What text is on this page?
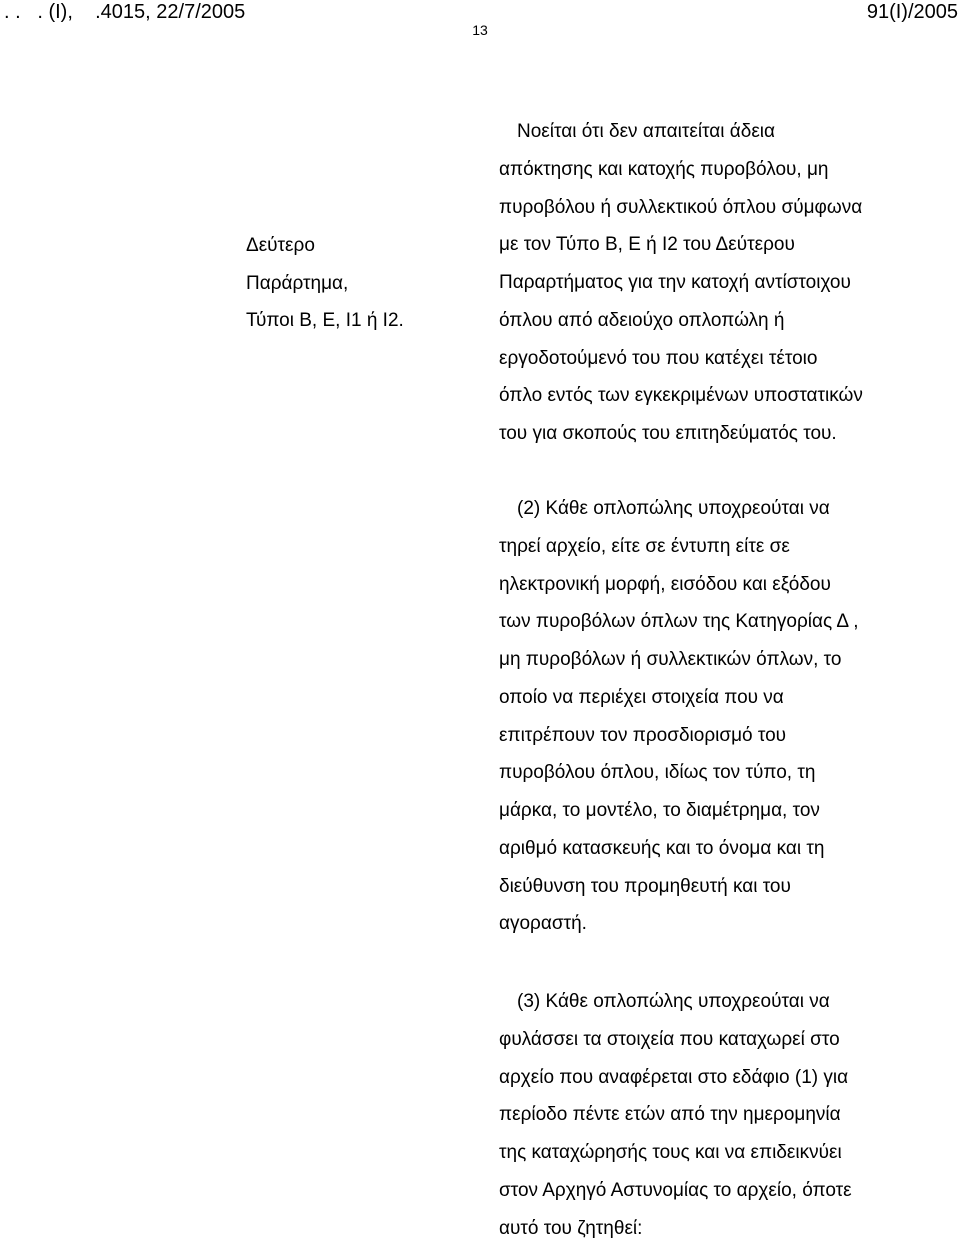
. .   . (I),    .4015, 22/7/2005	91(I)/2005
13
Δεύτερο
Παράρτημα,
Τύποι Β, Ε, Ι1 ή Ι2.
Νοείται ότι δεν απαιτείται άδεια
απόκτησης και κατοχής πυροβόλου, μη
πυροβόλου ή συλλεκτικού όπλου σύμφωνα
με τον Τύπο Β, Ε ή Ι2 του Δεύτερου
Παραρτήματος για την κατοχή αντίστοιχου
όπλου από αδειούχο οπλοπώλη ή
εργοδοτούμενό του που κατέχει τέτοιο
όπλο εντός των εγκεκριμένων υποστατικών
του για σκοπούς του επιτηδεύματός του.
(2) Κάθε οπλοπώλης υποχρεούται να
τηρεί αρχείο, είτε σε έντυπη είτε σε
ηλεκτρονική μορφή, εισόδου και εξόδου
των πυροβόλων όπλων της Κατηγορίας Δ ,
μη πυροβόλων ή συλλεκτικών όπλων, το
οποίο να περιέχει στοιχεία που να
επιτρέπουν τον προσδιορισμό του
πυροβόλου όπλου, ιδίως τον τύπο, τη
μάρκα, το μοντέλο, το διαμέτρημα, τον
αριθμό κατασκευής και το όνομα και τη
διεύθυνση του προμηθευτή και του
αγοραστή.
(3) Κάθε οπλοπώλης υποχρεούται να
φυλάσσει τα στοιχεία που καταχωρεί στο
αρχείο που αναφέρεται στο εδάφιο (1) για
περίοδο πέντε ετών από την ημερομηνία
της καταχώρησής τους και να επιδεικνύει
στον Αρχηγό Αστυνομίας το αρχείο, όποτε
αυτό του ζητηθεί:
